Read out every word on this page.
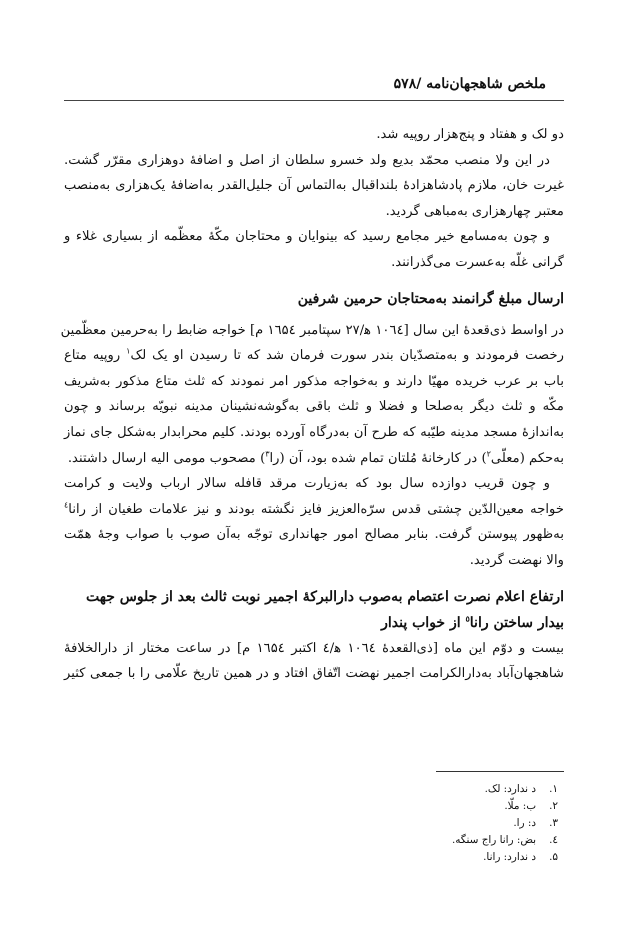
ملخص شاهجهان‌نامه /۵۷۸
دو لک و هفتاد و پنج‌هزار روپیه شد.
در این ولا منصب محمّد بدیع ولد خسرو سلطان از اصل و اضافهٔ دوهزاری مقرّر گشت.
غیرت خان، ملازم پادشاهزادهٔ بلنداقبال به‌التماس آن جلیل‌القدر به‌اضافهٔ یک‌هزاری به‌منصب
معتبر چهارهزاری به‌مباهی گردید.
و چون به‌مسامع خیر مجامع رسید که بینوایان و محتاجان مکّهٔ معظّمه از بسیاری غلاء و
گرانی غلّه به‌عسرت می‌گذرانند.
ارسال مبلغ گرانمند به‌محتاجان حرمین شرفین
در اواسط ذی‌قعدهٔ این سال [۱۰٦٤ ه‍/۲۷ سپتامبر ۱٦۵٤ م] خواجه ضابط را به‌حرمین معظّمین
رخصت فرمودند و به‌متصدّیان بندر سورت فرمان شد که تا رسیدن او یک لک$^١$ روپیه متاع
باب بر عرب خریده مهیّا دارند و به‌خواجه مذکور امر نمودند که ثلث متاع مذکور به‌شریف
مکّه و ثلث دیگر به‌صلحا و فضلا و ثلث باقی به‌گوشه‌نشینان مدینه نبویّه برساند و چون
به‌اندازهٔ مسجد مدینه طیّبه که طرح آن به‌درگاه آورده بودند. کلیم محرابدار به‌شکل جای نماز
به‌حکم (معلّی$^٢$) در کارخانهٔ مُلتان تمام شده بود، آن (را$^٣$) مصحوب مومی الیه ارسال داشتند.
و چون قریب دوازده سال بود که به‌زیارت مرقد قافله سالار ارباب ولایت و کرامت
خواجه معین‌الدّین چشتی قدس سرّه‌العزیز فایز نگشته بودند و نیز علامات طغیان از رانا$^٤$
به‌ظهور پیوستن گرفت. بنابر مصالح امور جهانداری توجّه به‌آن صوب با صواب وجهٔ همّت
والا نهضت گردید.
ارتفاع اعلام نصرت اعتصام به‌صوب دارالبرکهٔ اجمیر نوبت ثالث بعد از جلوس جهت
بیدار ساختن رانا$^٥$ از خواب پندار
بیست و دوّم این ماه [ذی‌القعدهٔ ۱۰٦٤ ه‍/٤ اکتبر ۱٦۵٤ م] در ساعت مختار از دارالخلافهٔ
شاهجهان‌آباد به‌دارالکرامت اجمیر نهضت اتّفاق افتاد و در همین تاریخ علّامی را با جمعی کثیر
۱.د ندارد: لک.
۲.ب: ملّا.
۳.د: را.
٤.بض: رانا راج سنگه.
۵.د ندارد: رانا.
